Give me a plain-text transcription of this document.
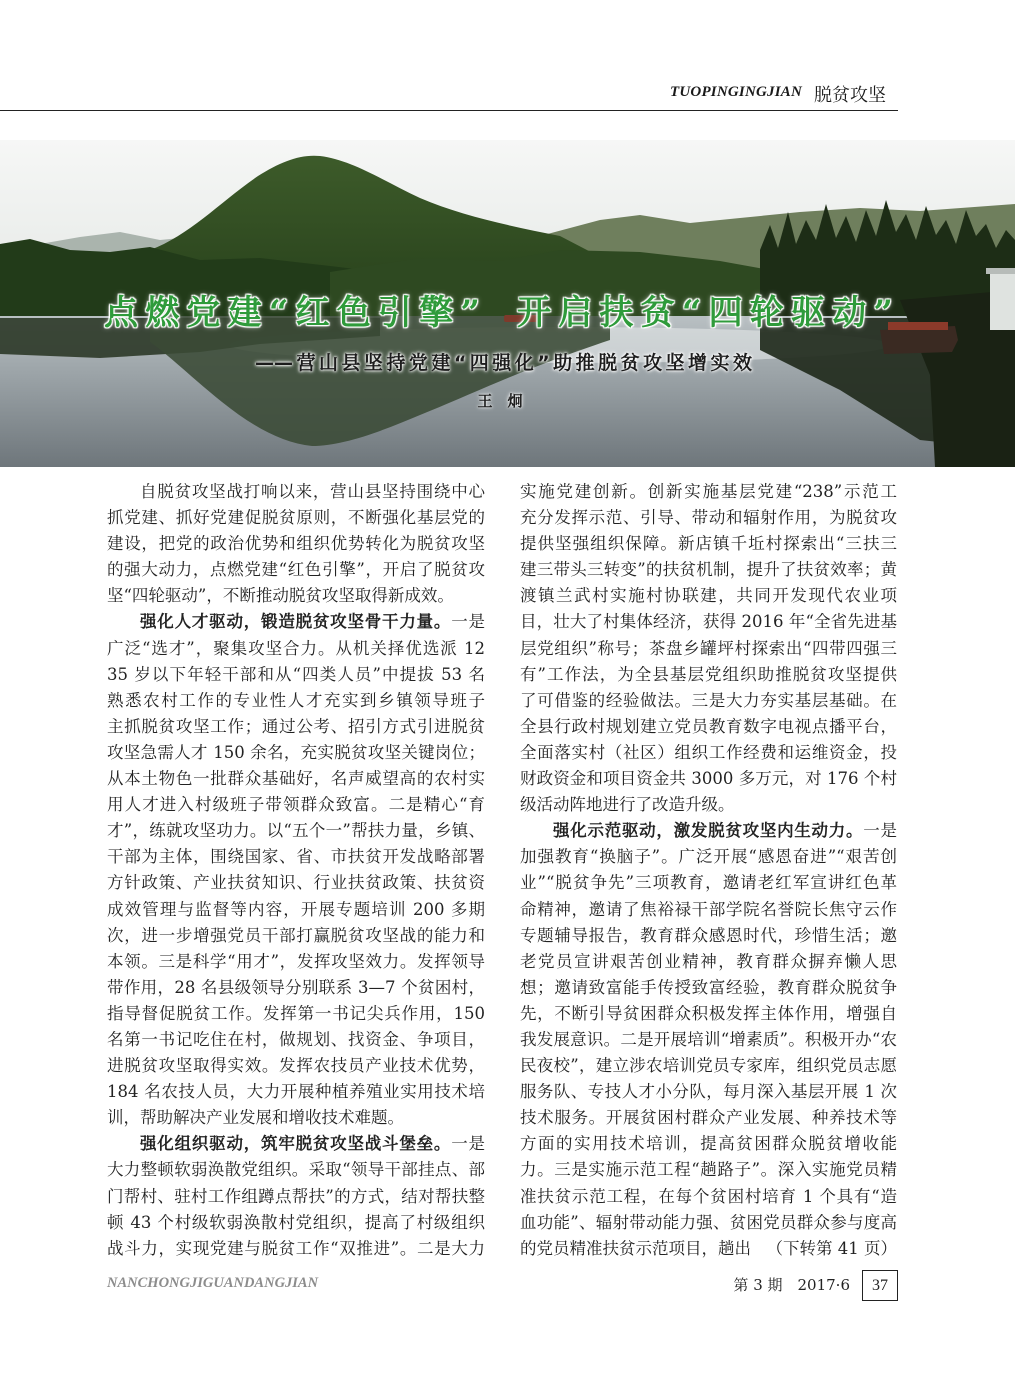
TUOPINGINGJIAN 脱贫攻坚
点燃党建“红色引擎” 开启扶贫“四轮驱动”
——营山县坚持党建“四强化”助推脱贫攻坚增实效
王　炯
自脱贫攻坚战打响以来，营山县坚持围绕中心
抓党建、抓好党建促脱贫原则，不断强化基层党的
建设，把党的政治优势和组织优势转化为脱贫攻坚
的强大动力，点燃党建“红色引擎”，开启了脱贫攻
坚“四轮驱动”，不断推动脱贫攻坚取得新成效。
强化人才驱动，锻造脱贫攻坚骨干力量。一是
广泛“选才”，聚集攻坚合力。从机关择优选派 12
35 岁以下年轻干部和从“四类人员”中提拔 53 名
熟悉农村工作的专业性人才充实到乡镇领导班子
主抓脱贫攻坚工作；通过公考、招引方式引进脱贫
攻坚急需人才 150 余名，充实脱贫攻坚关键岗位；
从本土物色一批群众基础好，名声威望高的农村实
用人才进入村级班子带领群众致富。二是精心“育
才”，练就攻坚功力。以“五个一”帮扶力量，乡镇、
干部为主体，围绕国家、省、市扶贫开发战略部署
方针政策、产业扶贫知识、行业扶贫政策、扶贫资
成效管理与监督等内容，开展专题培训 200 多期
次，进一步增强党员干部打赢脱贫攻坚战的能力和
本领。三是科学“用才”，发挥攻坚效力。发挥领导
带作用，28 名县级领导分别联系 3—7 个贫困村，
指导督促脱贫工作。发挥第一书记尖兵作用，150
名第一书记吃住在村，做规划、找资金、争项目，
进脱贫攻坚取得实效。发挥农技员产业技术优势，
184 名农技人员，大力开展种植养殖业实用技术培
训，帮助解决产业发展和增收技术难题。
强化组织驱动，筑牢脱贫攻坚战斗堡垒。一是
大力整顿软弱涣散党组织。采取“领导干部挂点、部
门帮村、驻村工作组蹲点帮扶”的方式，结对帮扶整
顿 43 个村级软弱涣散村党组织，提高了村级组织
战斗力，实现党建与脱贫工作“双推进”。二是大力
实施党建创新。创新实施基层党建“238”示范工
充分发挥示范、引导、带动和辐射作用，为脱贫攻
提供坚强组织保障。新店镇千坵村探索出“三扶三
建三带头三转变”的扶贫机制，提升了扶贫效率；黄
渡镇兰武村实施村协联建，共同开发现代农业项
目，壮大了村集体经济，获得 2016 年“全省先进基
层党组织”称号；茶盘乡罐坪村探索出“四带四强三
有”工作法，为全县基层党组织助推脱贫攻坚提供
了可借鉴的经验做法。三是大力夯实基层基础。在
全县行政村规划建立党员教育数字电视点播平台，
全面落实村（社区）组织工作经费和运维资金，投
财政资金和项目资金共 3000 多万元，对 176 个村
级活动阵地进行了改造升级。
强化示范驱动，激发脱贫攻坚内生动力。一是
加强教育“换脑子”。广泛开展“感恩奋进”“艰苦创
业”“脱贫争先”三项教育，邀请老红军宣讲红色革
命精神，邀请了焦裕禄干部学院名誉院长焦守云作
专题辅导报告，教育群众感恩时代，珍惜生活；邀
老党员宣讲艰苦创业精神，教育群众摒弃懒人思
想；邀请致富能手传授致富经验，教育群众脱贫争
先，不断引导贫困群众积极发挥主体作用，增强自
我发展意识。二是开展培训“增素质”。积极开办“农
民夜校”，建立涉农培训党员专家库，组织党员志愿
服务队、专技人才小分队，每月深入基层开展 1 次
技术服务。开展贫困村群众产业发展、种养技术等
方面的实用技术培训，提高贫困群众脱贫增收能
力。三是实施示范工程“趟路子”。深入实施党员精
准扶贫示范工程，在每个贫困村培育 1 个具有“造
血功能”、辐射带动能力强、贫困党员群众参与度高
的党员精准扶贫示范项目，趟出 （下转第 41 页）
NANCHONGJIGUANDANGJIAN	第 3 期　2017·6	37
